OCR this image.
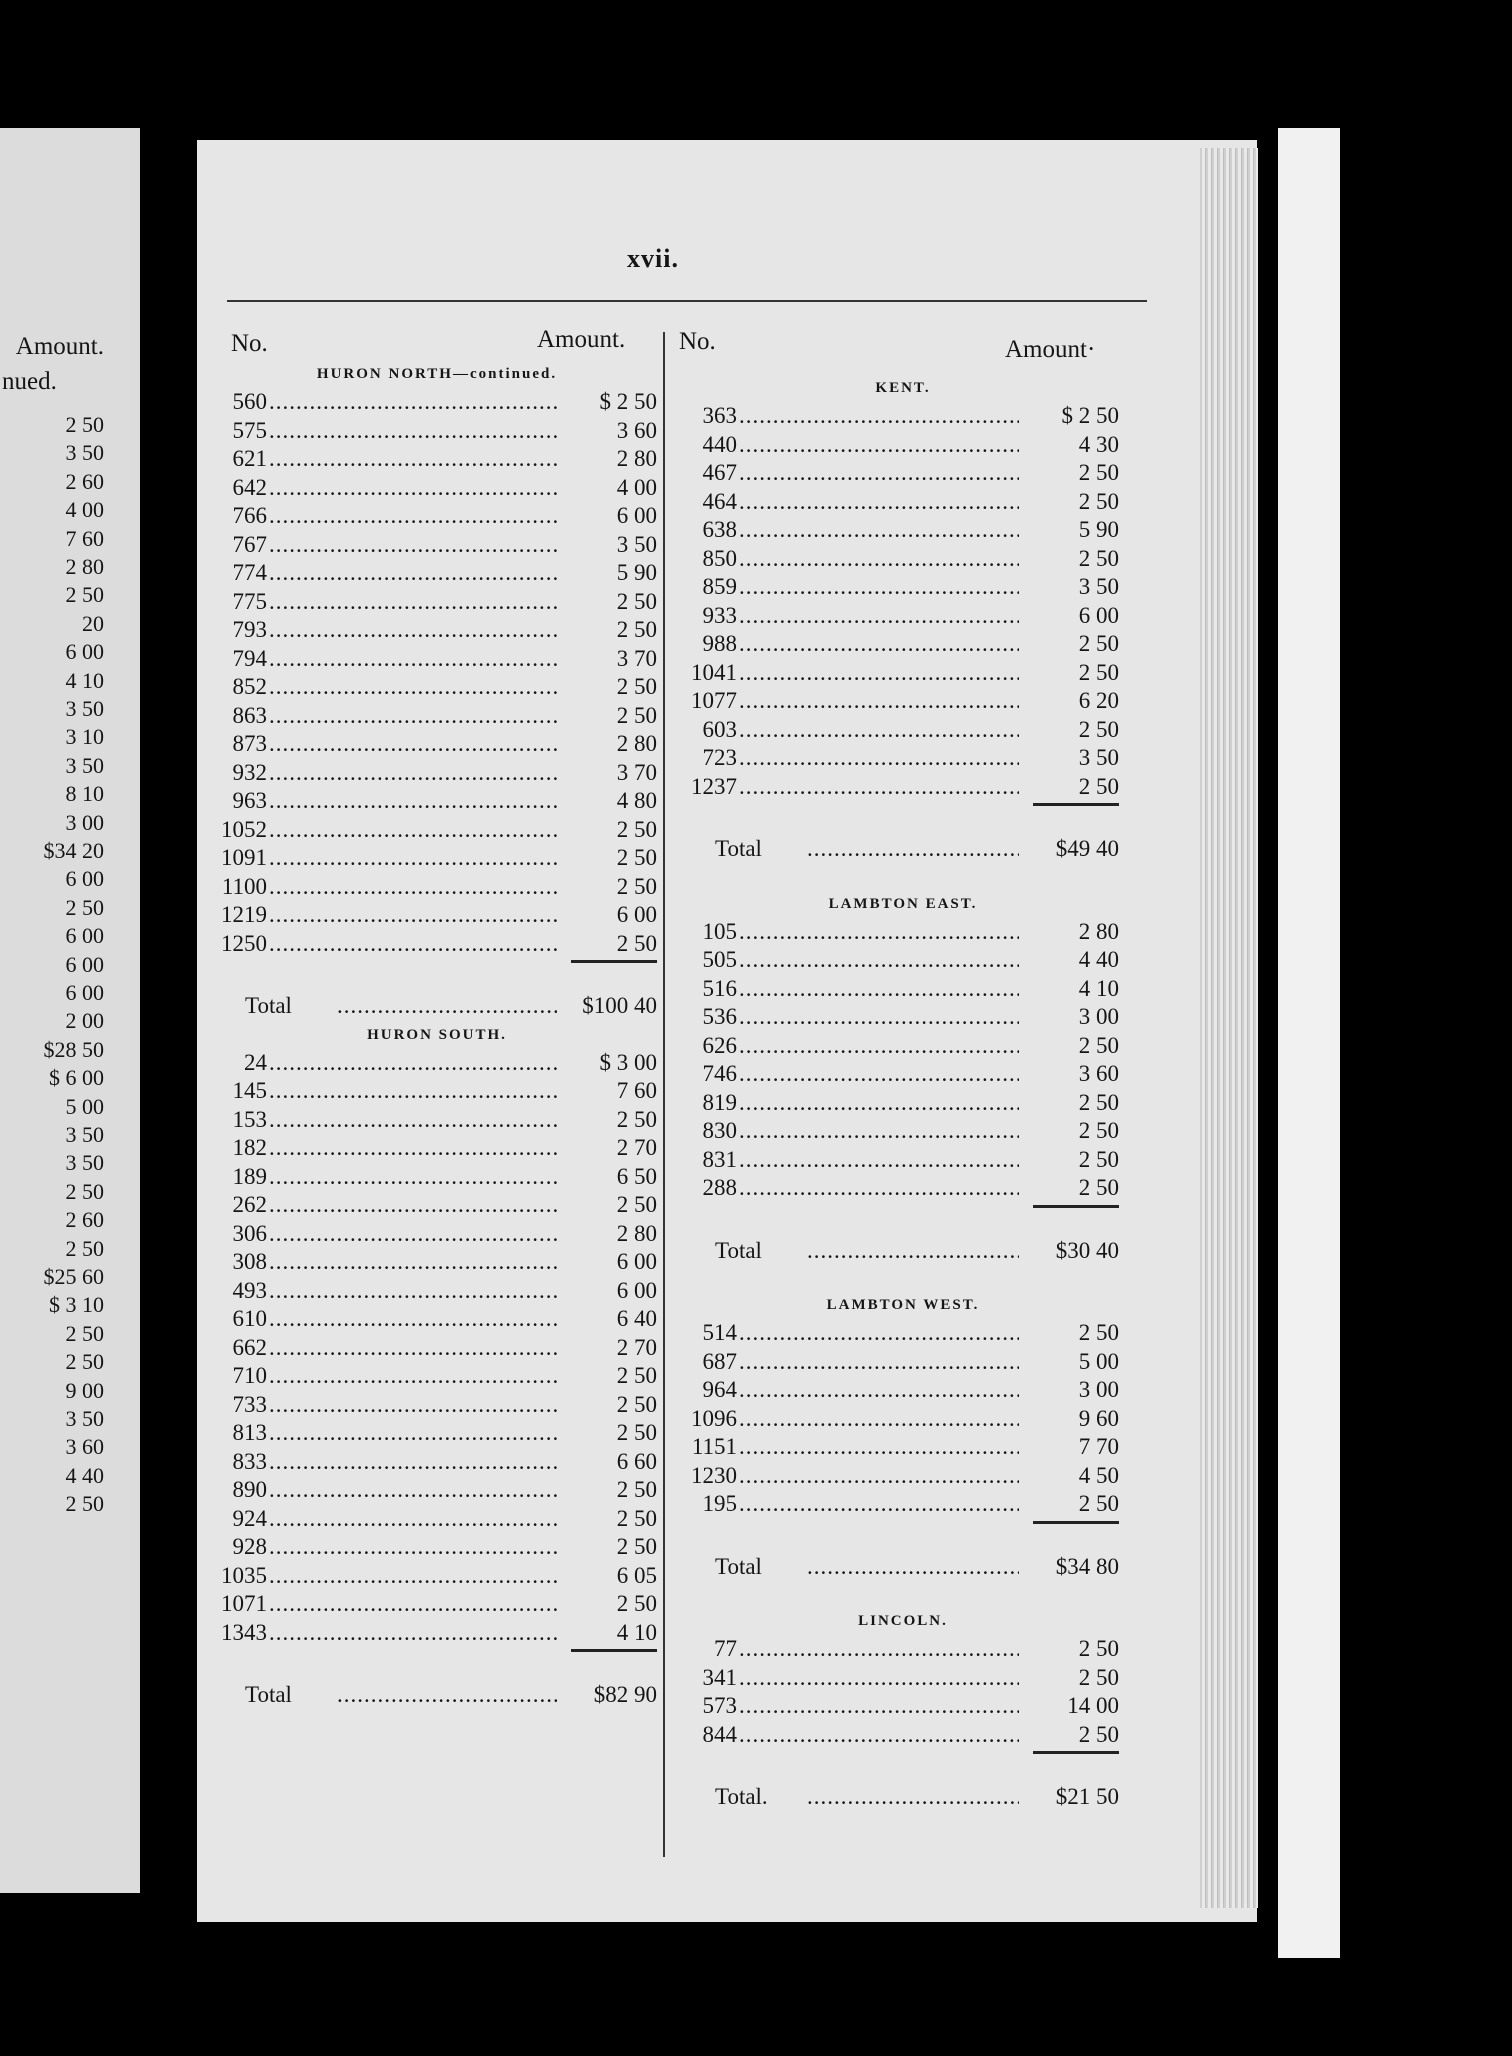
Amount.
nued.
2 50
3 50
2 60
4 00
7 60
2 80
2 50
20
6 00
4 10
3 50
3 10
3 50
8 10
3 00
$34 20
6 00
2 50
6 00
6 00
6 00
2 00
$28 50
$ 6 00
5 00
3 50
3 50
2 50
2 60
2 50
$25 60
$ 3 10
2 50
2 50
9 00
3 50
3 60
4 40
2 50
xvii.
No.	Amount. No.	Amount·
HURON NORTH—continued.
560 .....	$ 2 50
575 .....	3 60
621 .....	2 80
642 .....	4 00
766 .....	6 00
767 .....	3 50
774 .....	5 90
775 .....	2 50
793 .....	2 50
794 .....	3 70
852 .....	2 50
863 .....	2 50
873 .....	2 80
932 .....	3 70
963 .....	4 80
1052 .....	2 50
1091 .....	2 50
1100 .....	2 50
1219 .....	6 00
1250 .....	2 50
Total .....	$100 40
HURON SOUTH.
24 .....	$ 3 00
145 .....	7 60
153 .....	2 50
182 .....	2 70
189 .....	6 50
262 .....	2 50
306 .....	2 80
308 .....	6 00
493 .....	6 00
610 .....	6 40
662 .....	2 70
710 .....	2 50
733 .....	2 50
813 .....	2 50
833 .....	6 60
890 .....	2 50
924 .....	2 50
928 .....	2 50
1035 .....	6 05
1071 .....	2 50
1343 .....	4 10
Total .....	$82 90
KENT.
363 .....	$ 2 50
440 .....	4 30
467 .....	2 50
464 .....	2 50
638 .....	5 90
850 .....	2 50
859 .....	3 50
933 .....	6 00
988 .....	2 50
1041 .....	2 50
1077 .....	6 20
603 .....	2 50
723 .....	3 50
1237 .....	2 50
Total .....	$49 40
LAMBTON EAST.
105 .....	2 80
505 .....	4 40
516 .....	4 10
536 .....	3 00
626 .....	2 50
746 .....	3 60
819 .....	2 50
830 .....	2 50
831 .....	2 50
288 .....	2 50
Total .....	$30 40
LAMBTON WEST.
514 .....	2 50
687 .....	5 00
964 .....	3 00
1096 .....	9 60
1151 .....	7 70
1230 .....	4 50
195 .....	2 50
Total .....	$34 80
LINCOLN.
77 .....	2 50
341 .....	2 50
573 .....	14 00
844 .....	2 50
Total. .....	$21 50
